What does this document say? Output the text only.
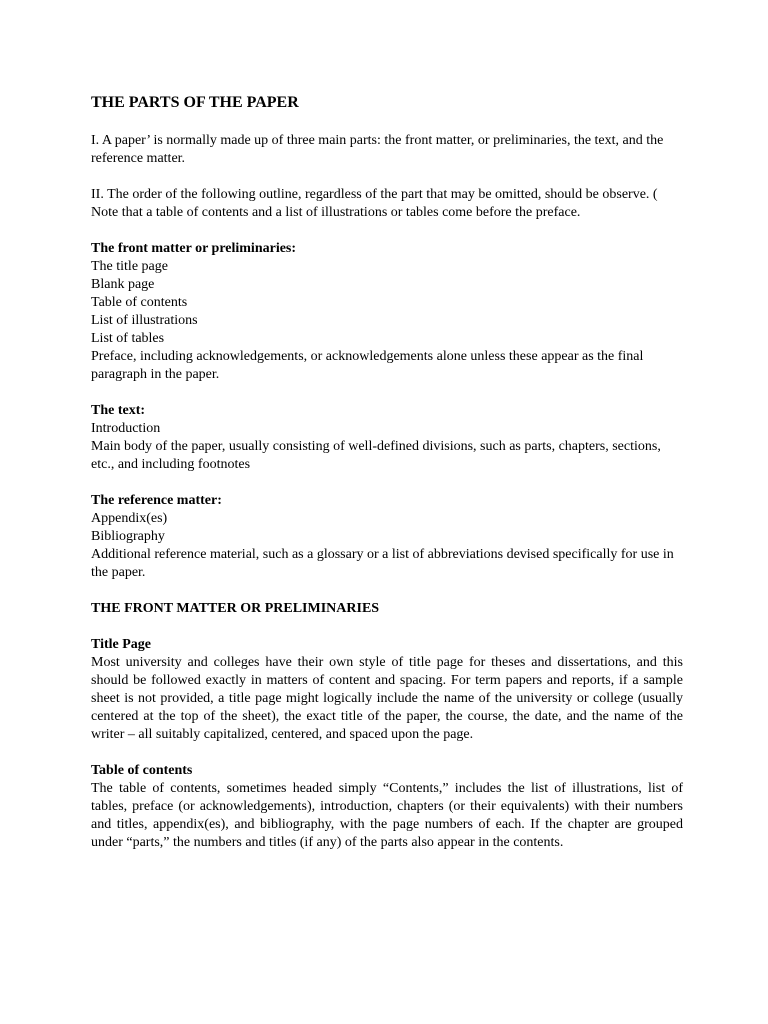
THE PARTS OF THE PAPER

I. A paper’ is normally made up of three main parts: the front matter, or preliminaries, the text, and the reference matter.

II. The order of the following outline, regardless of the part that may be omitted, should be observe. ( Note that a table of contents and a list of illustrations or tables come before the preface.

The front matter or preliminaries:
The title page
Blank page
Table of contents
List of illustrations
List of tables
Preface, including acknowledgements, or acknowledgements alone unless these appear as the final paragraph in the paper.
The text:
Introduction
Main body of the paper, usually consisting of well-defined divisions, such as parts, chapters, sections, etc., and including footnotes
The reference matter:
Appendix(es)
Bibliography
Additional reference material, such as a glossary or a list of abbreviations devised specifically for use in the paper.
THE FRONT MATTER OR PRELIMINARIES
Title Page

Most university and colleges have their own style of title page for theses and dissertations, and this should be followed exactly in matters of content and spacing. For term papers and reports, if a sample sheet is not provided, a title page might logically include the name of the university or college (usually centered at the top of the sheet), the exact title of the paper, the course, the date, and the name of the writer – all suitably capitalized, centered, and spaced upon the page.

Table of contents

The table of contents, sometimes headed simply “Contents,” includes the list of illustrations, list of tables, preface (or acknowledgements), introduction, chapters (or their equivalents) with their numbers and titles, appendix(es), and bibliography, with the page numbers of each. If the chapter are grouped under “parts,” the numbers and titles (if any) of the parts also appear in the contents.
